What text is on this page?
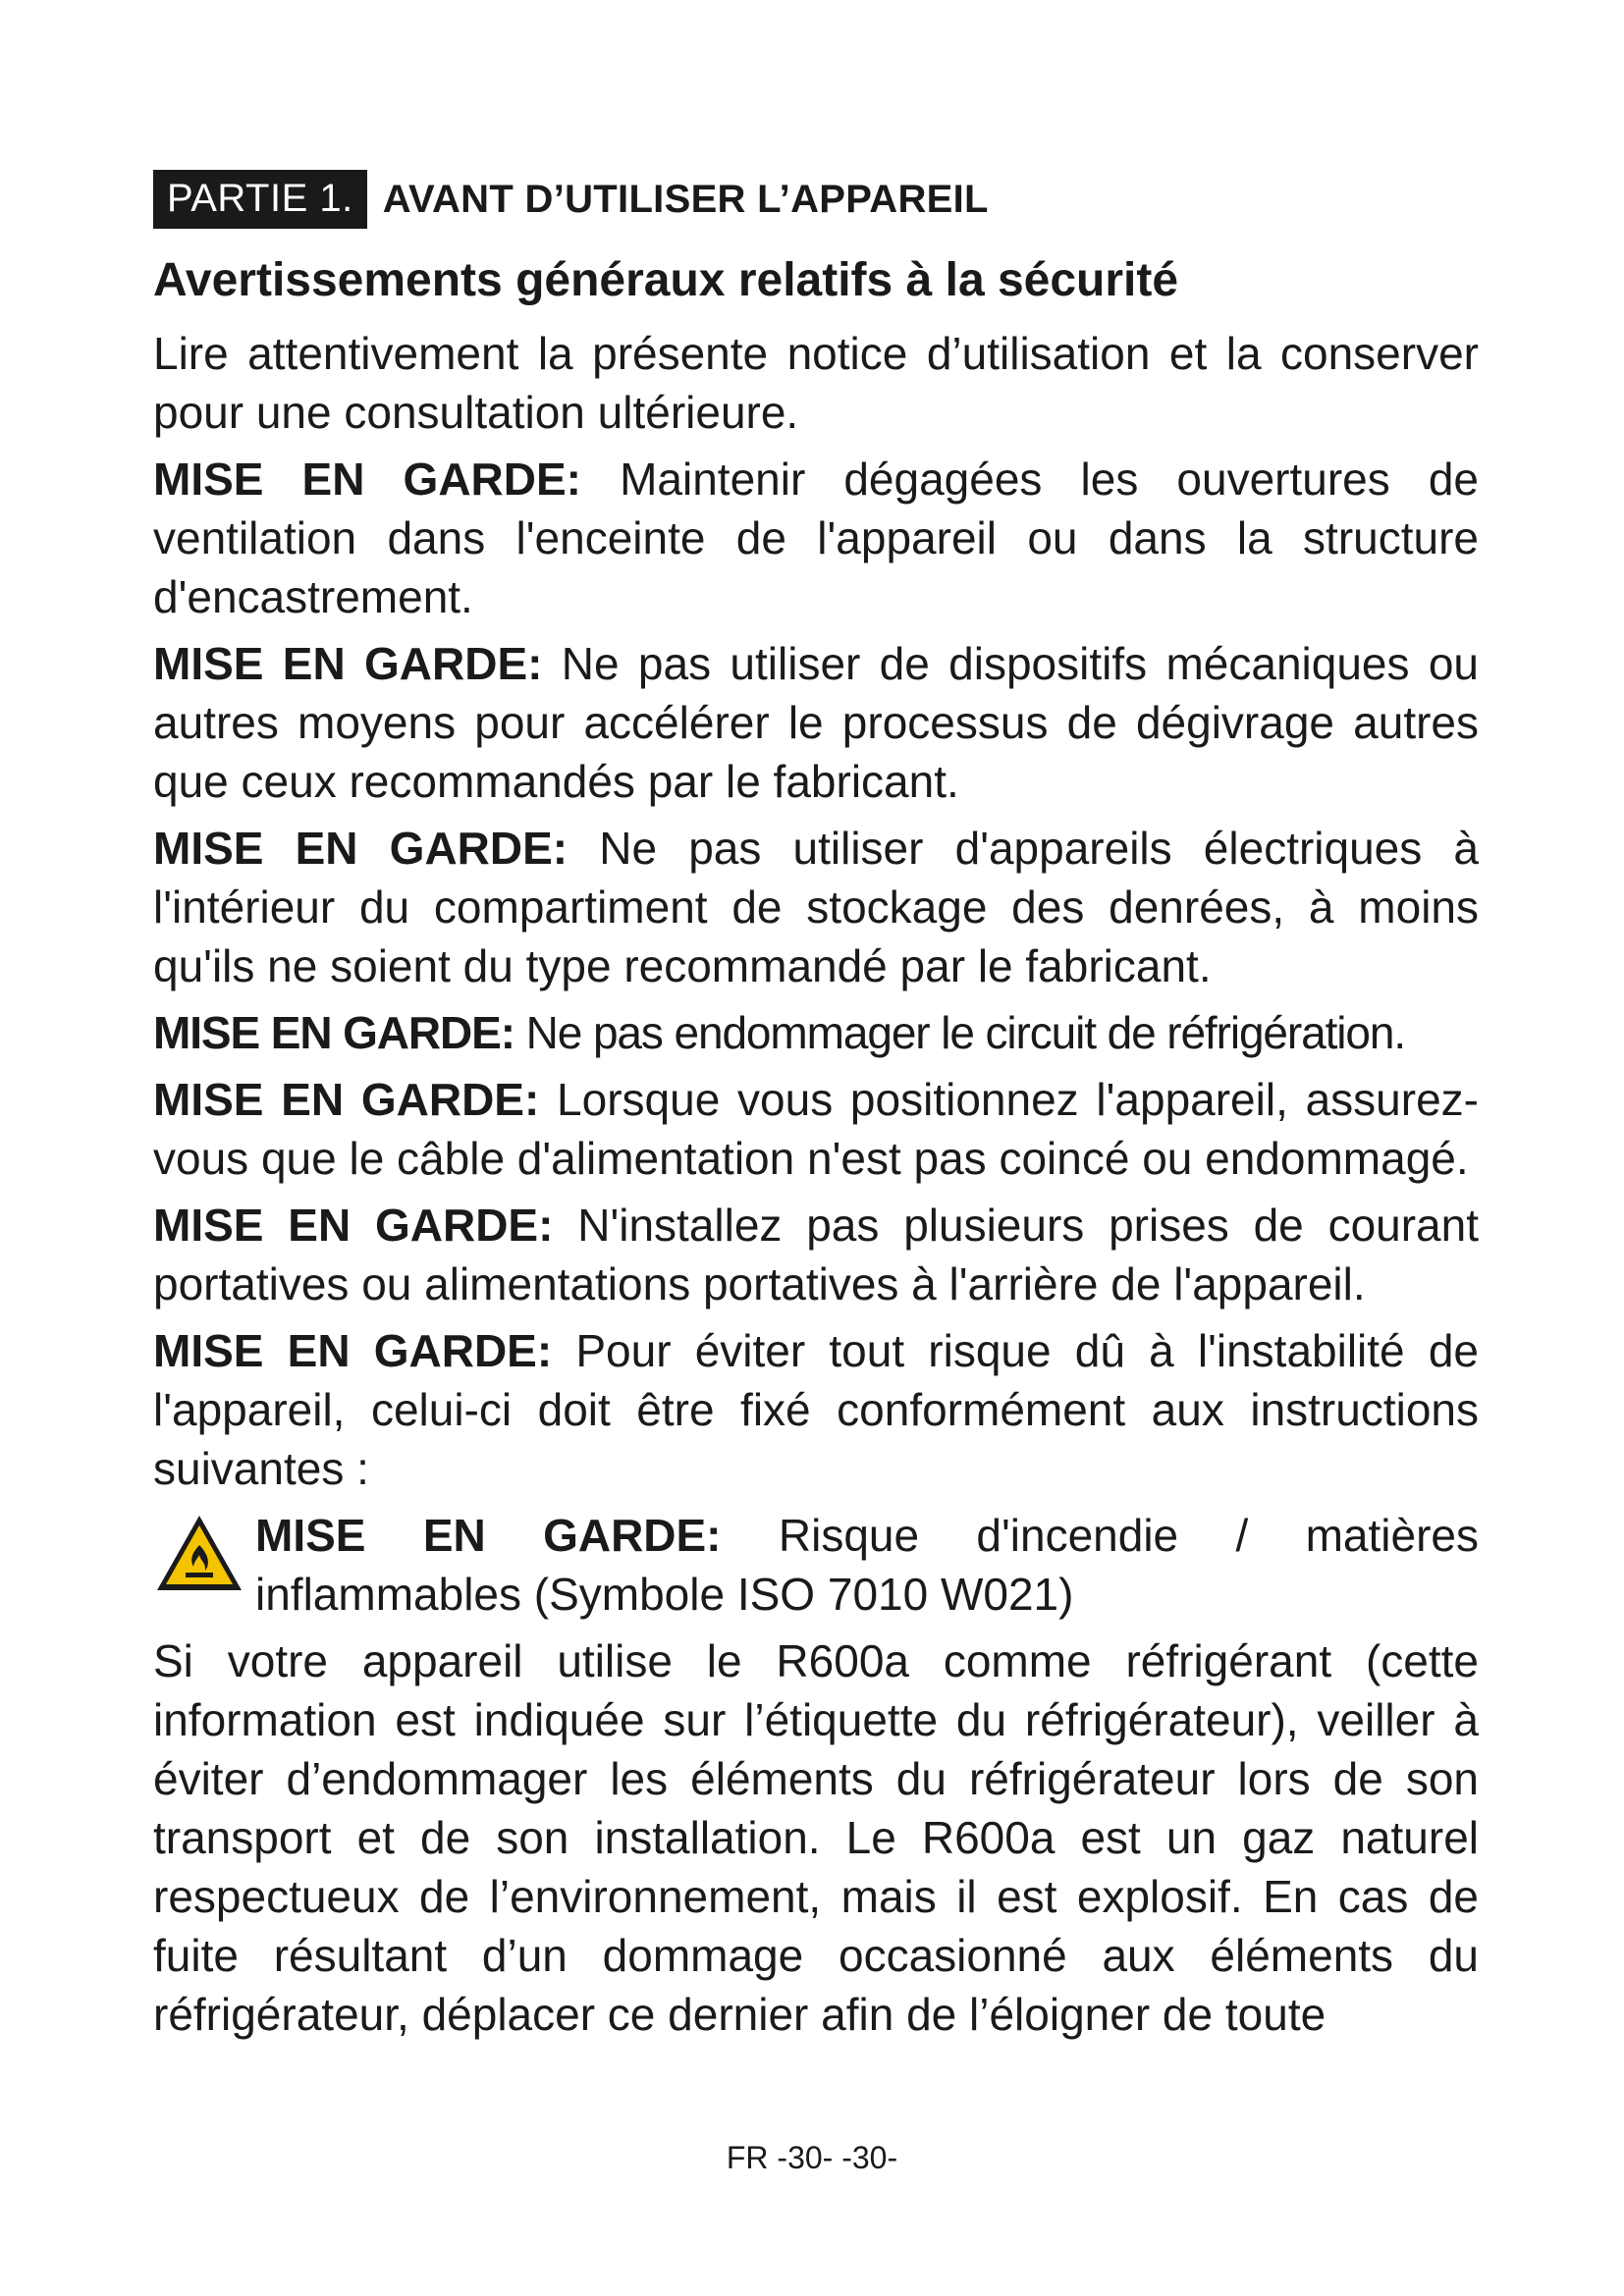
PARTIE 1. AVANT D’UTILISER L’APPAREIL
Avertissements généraux relatifs à la sécurité

Lire attentivement la présente notice d’utilisation et la conserver pour une consultation ultérieure.

MISE EN GARDE: Maintenir dégagées les ouvertures de ventilation dans l'enceinte de l'appareil ou dans la structure d'encastrement.

MISE EN GARDE: Ne pas utiliser de dispositifs mécaniques ou autres moyens pour accélérer le processus de dégivrage autres que ceux recommandés par le fabricant.

MISE EN GARDE: Ne pas utiliser d'appareils électriques à l'intérieur du compartiment de stockage des denrées, à moins qu'ils ne soient du type recommandé par le fabricant.

MISE EN GARDE: Ne pas endommager le circuit de réfrigération.

MISE EN GARDE: Lorsque vous positionnez l'appareil, assurez-vous que le câble d'alimentation n'est pas coincé ou endommagé.

MISE EN GARDE: N'installez pas plusieurs prises de courant portatives ou alimentations portatives à l'arrière de l'appareil.

MISE EN GARDE: Pour éviter tout risque dû à l'instabilité de l'appareil, celui-ci doit être fixé conformément aux instructions suivantes :

MISE EN GARDE: Risque d'incendie / matières inflammables (Symbole ISO 7010 W021)

Si votre appareil utilise le R600a comme réfrigérant (cette information est indiquée sur l’étiquette du réfrigérateur), veiller à éviter d’endommager les éléments du réfrigérateur lors de son transport et de son installation. Le R600a est un gaz naturel respectueux de l’environnement, mais il est explosif. En cas de fuite résultant d’un dommage occasionné aux éléments du réfrigérateur, déplacer ce dernier afin de l’éloigner de toute

FR -30- -30-
